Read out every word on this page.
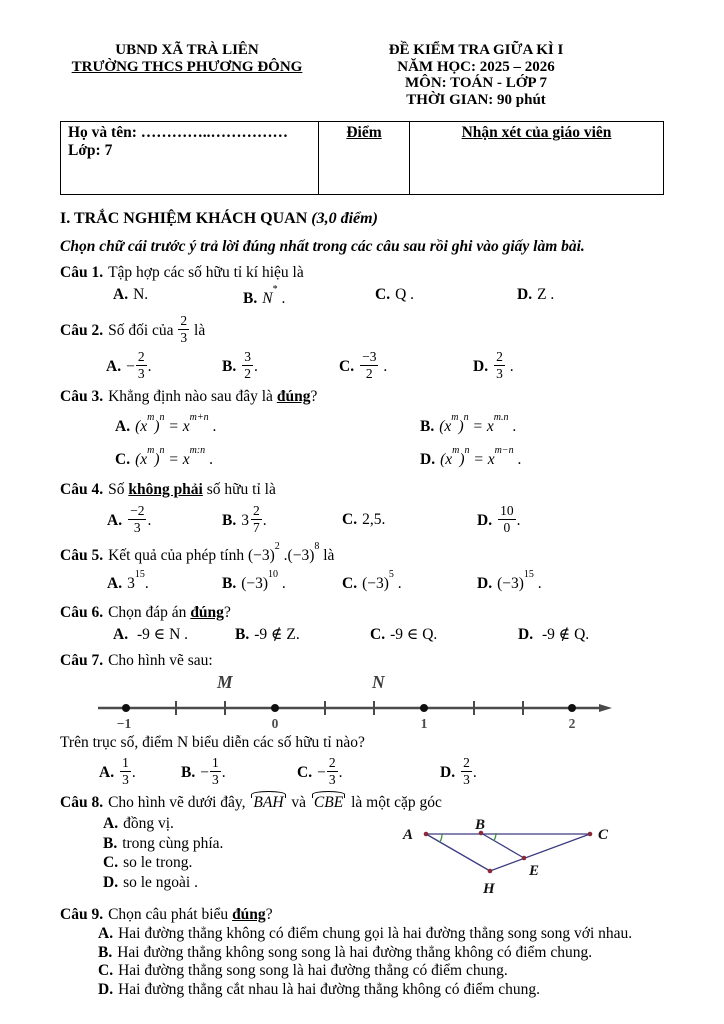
UBND XÃ TRÀ LIÊN
TRƯỜNG THCS PHƯƠNG ĐÔNG
ĐỀ KIỂM TRA GIỮA KÌ I
NĂM HỌC: 2025 – 2026
MÔN: TOÁN - LỚP 7
THỜI GIAN: 90 phút
Họ và tên: …………..……………
Lớp: 7
	Điểm	Nhận xét của giáo viên
I. TRẮC NGHIỆM KHÁCH QUAN (3,0 điểm)
Chọn chữ cái trước ý trả lời đúng nhất trong các câu sau rồi ghi vào giấy làm bài.
Câu 1. Tập hợp các số hữu tỉ kí hiệu là
A. N.	B. N* .	C. Q .	D. Z .
Câu 2. Số đối của $\frac{2}{3}$ là
A. − $\frac{2}{3}$ .	B. $\frac{3}{2}$ .	C. $\frac{-3}{2}$ .	D. $\frac{2}{3}$ .
Câu 3. Khẳng định nào sau đây là đúng?
A. $(x^m)^n = x^{m+n}$ .	B. $(x^m)^n = x^{m.n}$ .
C. $(x^m)^n = x^{m:n}$ .	D. $(x^m)^n = x^{m-n}$ .
Câu 4. Số không phải số hữu tỉ là
A. $\frac{-2}{3}$ .	B. $3 \frac{2}{7}$ .	C. 2,5.	D. $\frac{10}{0}$ .
Câu 5. Kết quả của phép tính $(-3)^2$ $.(-3)^8$ là
A. $3^{15}$.	B. $(-3)^{10}$ .	C. $(-3)^5$ .	D. $(-3)^{15}$ .
Câu 6. Chọn đáp án đúng?
A. -9 ∈ N .	B. -9 ∉ Z.	C. -9 ∈ Q.	D. -9 ∉ Q.
Câu 7. Cho hình vẽ sau:
M	N
−1	0	1	2
Trên trục số, điểm N biểu diễn các số hữu tỉ nào?
A. $\frac{1}{3}$ .	B. − $\frac{1}{3}$ .	C. − $\frac{2}{3}$ .	D. $\frac{2}{3}$ .
Câu 8. Cho hình vẽ dưới đây, BAH và CBE là một cặp góc
A. đồng vị.
B. trong cùng phía.
C. so le trong.
D. so le ngoài .
A
B
C
H
E
Câu 9. Chọn câu phát biểu đúng?
A. Hai đường thẳng không có điểm chung gọi là hai đường thẳng song song với nhau.
B. Hai đường thẳng không song song là hai đường thẳng không có điểm chung.
C. Hai đường thẳng song song là hai đường thẳng có điểm chung.
D. Hai đường thẳng cắt nhau là hai đường thẳng không có điểm chung.
